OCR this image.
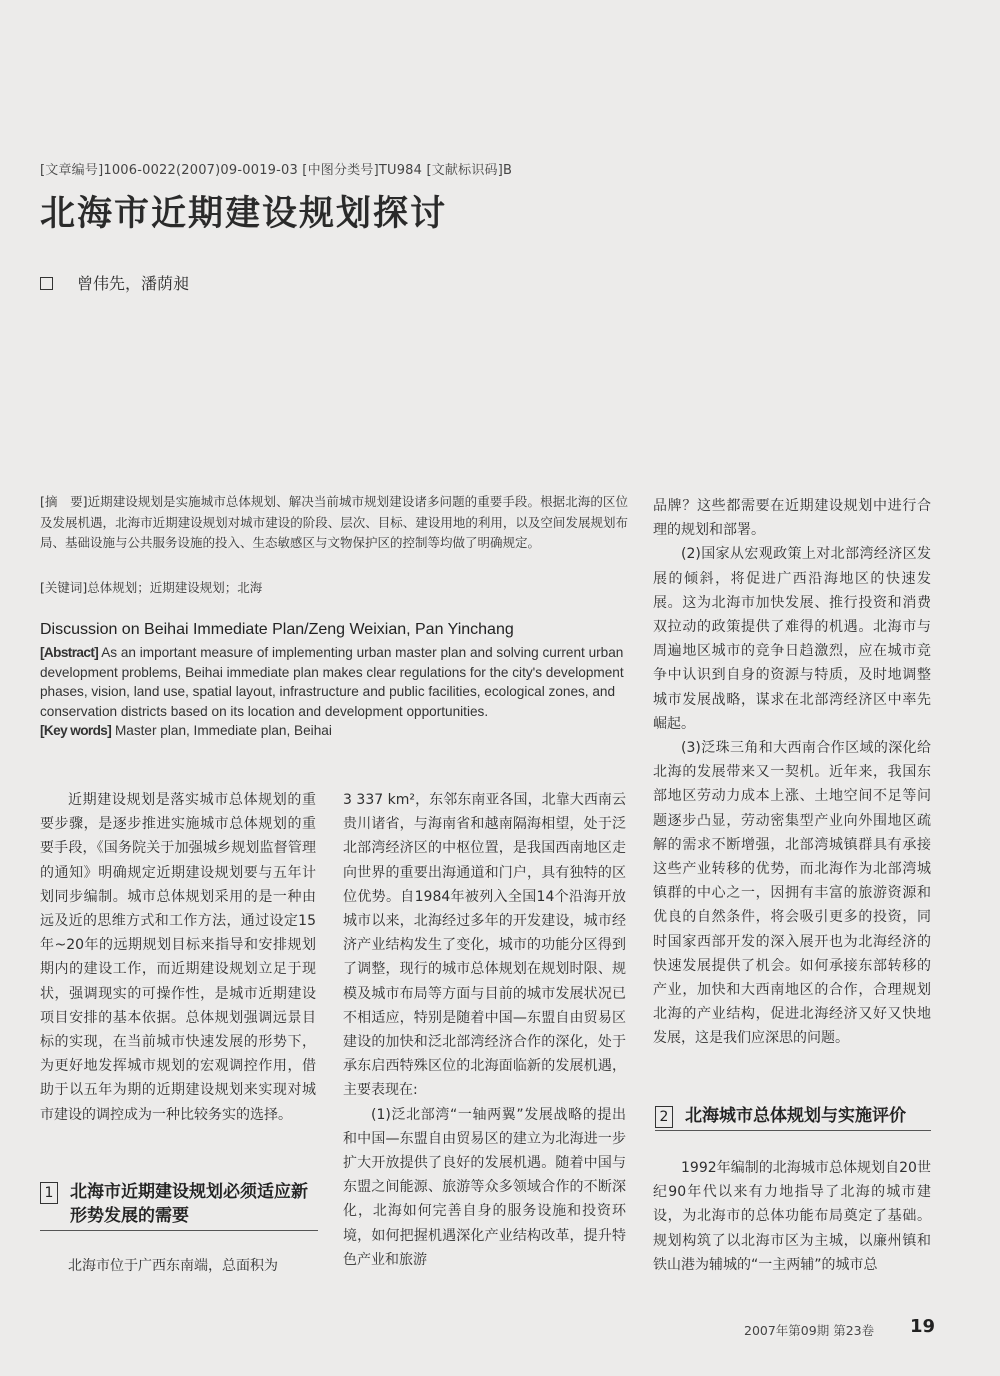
[文章编号]1006-0022(2007)09-0019-03 [中图分类号]TU984 [文献标识码]B
北海市近期建设规划探讨
曾伟先，潘荫昶
[摘　要]近期建设规划是实施城市总体规划、解决当前城市规划建设诸多问题的重要手段。根据北海的区位及发展机遇，北海市近期建设规划对城市建设的阶段、层次、目标、建设用地的利用，以及空间发展规划布局、基础设施与公共服务设施的投入、生态敏感区与文物保护区的控制等均做了明确规定。
[关键词]总体规划；近期建设规划；北海
Discussion on Beihai Immediate Plan/Zeng Weixian, Pan Yinchang
[Abstract] As an important measure of implementing urban master plan and solving current urban development problems, Beihai immediate plan makes clear regulations for the city's development phases, vision, land use, spatial layout, infrastructure and public facilities, ecological zones, and conservation districts based on its location and development opportunities.
[Key words] Master plan, Immediate plan, Beihai

近期建设规划是落实城市总体规划的重要步骤，是逐步推进实施城市总体规划的重要手段，《国务院关于加强城乡规划监督管理的通知》明确规定近期建设规划要与五年计划同步编制。城市总体规划采用的是一种由远及近的思维方式和工作方法，通过设定15年~20年的远期规划目标来指导和安排规划期内的建设工作，而近期建设规划立足于现状，强调现实的可操作性，是城市近期建设项目安排的基本依据。总体规划强调远景目标的实现，在当前城市快速发展的形势下，为更好地发挥城市规划的宏观调控作用，借助于以五年为期的近期建设规划来实现对城市建设的调控成为一种比较务实的选择。

1 北海市近期建设规划必须适应新形势发展的需要

北海市位于广西东南端，总面积为

3 337 km²，东邻东南亚各国，北靠大西南云贵川诸省，与海南省和越南隔海相望，处于泛北部湾经济区的中枢位置，是我国西南地区走向世界的重要出海通道和门户，具有独特的区位优势。自1984年被列入全国14个沿海开放城市以来，北海经过多年的开发建设，城市经济产业结构发生了变化，城市的功能分区得到了调整，现行的城市总体规划在规划时限、规模及城市布局等方面与目前的城市发展状况已不相适应，特别是随着中国—东盟自由贸易区建设的加快和泛北部湾经济合作的深化，处于承东启西特殊区位的北海面临新的发展机遇，主要表现在:

(1)泛北部湾“一轴两翼”发展战略的提出和中国—东盟自由贸易区的建立为北海进一步扩大开放提供了良好的发展机遇。随着中国与东盟之间能源、旅游等众多领域合作的不断深化，北海如何完善自身的服务设施和投资环境，如何把握机遇深化产业结构改革，提升特色产业和旅游

品牌？这些都需要在近期建设规划中进行合理的规划和部署。

(2)国家从宏观政策上对北部湾经济区发展的倾斜，将促进广西沿海地区的快速发展。这为北海市加快发展、推行投资和消费双拉动的政策提供了难得的机遇。北海市与周遍地区城市的竞争日趋激烈，应在城市竞争中认识到自身的资源与特质，及时地调整城市发展战略，谋求在北部湾经济区中率先崛起。

(3)泛珠三角和大西南合作区域的深化给北海的发展带来又一契机。近年来，我国东部地区劳动力成本上涨、土地空间不足等问题逐步凸显，劳动密集型产业向外围地区疏解的需求不断增强，北部湾城镇群具有承接这些产业转移的优势，而北海作为北部湾城镇群的中心之一，因拥有丰富的旅游资源和优良的自然条件，将会吸引更多的投资，同时国家西部开发的深入展开也为北海经济的快速发展提供了机会。如何承接东部转移的产业，加快和大西南地区的合作，合理规划北海的产业结构，促进北海经济又好又快地发展，这是我们应深思的问题。

2 北海城市总体规划与实施评价

1992年编制的北海城市总体规划自20世纪90年代以来有力地指导了北海的城市建设，为北海市的总体功能布局奠定了基础。规划构筑了以北海市区为主城，以廉州镇和铁山港为辅城的“一主两辅”的城市总

2007年第09期 第23卷	19
